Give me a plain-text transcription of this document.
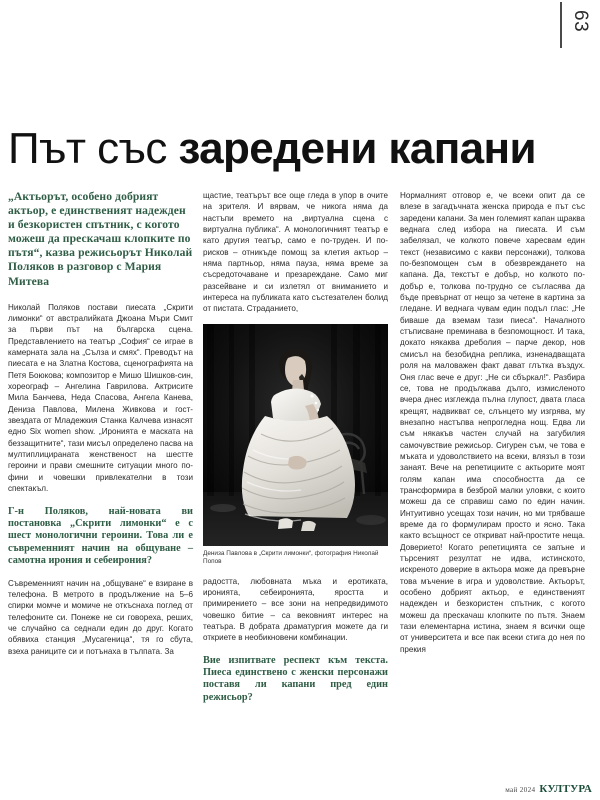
63
Път със заредени капани

„Актьорът, особено добрият актьор, е единственият надежден и безкористен спътник, с когото можеш да прескачаш клопките по пътя“, казва режисьорът Николай Поляков в разговор с Мария Митева

Николай Поляков постави пиесата „Скрити лимонки“ от австралийката Джоана Мъри Смит за първи път на българска сцена. Представлението на театър „София“ се играе в камерната зала на „Сълза и смях“. Преводът на пиесата е на Златна Костова, сценографията на Петя Боюкова; композитор е Мишо Шишков-син, хореограф – Ангелина Гаврилова. Актрисите Мила Банчева, Неда Спасова, Ангела Канева, Дениза Павлова, Милена Живкова и гост-звездата от Младежкия Станка Калчева изнасят едно Six women show. „Иронията е маската на беззащитните“, тази мисъл определено пасва на мултиплицираната женственост на шестте героини и прави смешните ситуации много по-фини и човешки привлекателни в този спектакъл.

Г-н Поляков, най-новата ви постановка „Скрити лимонки“ е с шест монологични героини. Това ли е съвременният начин на общуване – самотна ирония и себеирония?

Съвременният начин на „общуване“ е взиране в телефона. В метрото в продължение на 5–6 спирки момче и момиче не откъснаха поглед от телефоните си. Понеже не си говореха, реших, че случайно са седнали един до друг. Когато обявиха станция „Мусагеница“, тя го сбута, взеха раниците си и потънаха в тълпата. За

щастие, театърът все още гледа в упор в очите на зрителя. И вярвам, че никога няма да настъпи времето на „виртуална сцена с виртуална публика“. А монологичният театър е като другия театър, само е по-труден. И по-рисков – отникъде помощ за клетия актьор – няма партньор, няма пауза, няма време за съсредоточаване и презареждане. Само миг разсейване и си излетял от вниманието и интереса на публиката като състезателен болид от пистата. Страданието,

Дениза Павлова в „Скрити лимонки“, фотография Николай Попов

радостта, любовната мъка и еротиката, иронията, себеиронията, яростта и примирението – все зони на непредвидимото човешко битие – са вековният интерес на театъра. В добрата драматургия можете да ги откриете в необикновени комбинации.

Вие изпитвате респект към текста. Пиеса единствено с женски персонажи поставя ли капани пред един режисьор?

Нормалният отговор е, че всеки опит да се влезе в загадъчната женска природа е път със заредени капани. За мен големият капан щраква веднага след избора на пиесата. И съм забелязал, че колкото повече харесвам един текст (независимо с какви персонажи), толкова по-безпомощен съм в обезвреждането на капана. Да, текстът е добър, но колкото по-добър е, толкова по-трудно се съгласява да бъде превърнат от нещо за четене в картина за гледане. И веднага чувам един подъл глас: „Не биваше да вземам тази пиеса“. Началното стъписване преминава в безпомощност. И така, докато някаква дреболия – парче декор, нов смисъл на безобидна реплика, изненадващата роля на маловажен факт дават глътка въздух. Оня глас вече е друг: „Не си сбъркал!“. Разбира се, това не продължава дълго, измисленото вчера днес изглежда пълна глупост, двата гласа крещят, надвикват се, слънцето му изгрява, му внезапно настъпва непрогледна нощ. Едва ли съм някакъв частен случай на загубилия самочувствие режисьор. Сигурен съм, че това е мъката и удоволствието на всеки, влязъл в този занаят. Вече на репетициите с актьорите моят голям капан има способността да се трансформира в безброй малки уловки, с които можеш да се справиш само по един начин. Интуитивно усещах този начин, но ми трябваше време да го формулирам просто и ясно. Така както всъщност се откриват най-простите неща. Доверието! Когато репетицията се запъне и търсеният резултат не идва, истинското, искреното доверие в актьора може да превърне това мъчение в игра и удоволствие. Актьорът, особено добрият актьор, е единственият надежден и безкористен спътник, с когото можеш да прескачаш клопките по пътя. Знаем тази елементарна истина, знаем я всички още от университета и все пак всеки стига до нея по прекия

май 2024 КУЛТУРА
